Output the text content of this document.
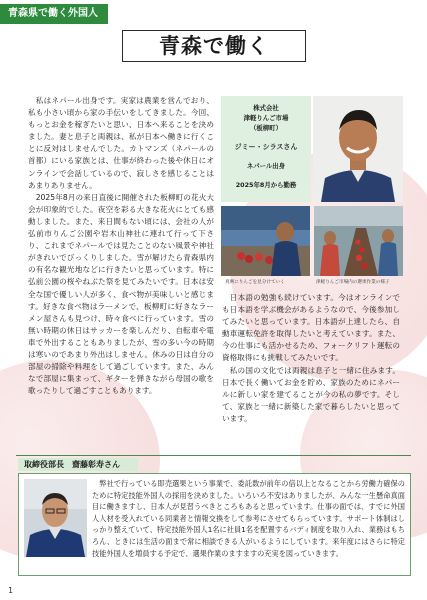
青森県で働く外国人
青森で働く
　私はネパール出身です。実家は農業を営んでおり、私も小さい頃から家の手伝いをしてきました。今回、もっとお金を稼ぎたいと思い、日本へ来ることを決めました。妻と息子と両親は、私が日本へ働きに行くことに反対はしませんでした。カトマンズ（ネパールの首都）にいる家族とは、仕事が終わった後や休日にオンラインで会話しているので、寂しさを感じることはあまりありません。
　2025年8月の来日直後に開催された板柳町の花火大会が印象的でした。夜空を彩る大きな花火にとても感動しました。また、来日間もない頃には、会社の人が弘前市りんご公園や岩木山神社に連れて行って下さり、これまでネパールでは見たことのない風景や神社がきれいでびっくりしました。雪が解けたら青森県内の有名な観光地などに行きたいと思っています。特に弘前公園の桜やねぶた祭を見てみたいです。日本は安全な国で優しい人が多く、食べ物が美味しいと感じます。好きな食べ物はラーメンで、板柳町に好きなラーメン屋さんも見つけ、時々食べに行っています。雪の無い時期の休日はサッカーを楽しんだり、自転車や電車で外出することもありましたが、雪の多い今の時期は寒いのであまり外出はしません。休みの日は自分の部屋の掃除や料理をして過ごしています。また、みんなで部屋に集まって、ギターを弾きながら母国の歌を歌ったりして過ごすこともあります。
株式会社
津軽りんご市場
（板柳町）
ジミー・シラスさん
ネパール出身
2025年8月から勤務
真剣にりんごを見分けていく	津軽りんご市場内の選果作業の様子
　日本語の勉強も続けています。今はオンラインでも日本語を学ぶ機会があるようなので、今後参加してみたいと思っています。日本語が上達したら、自動車運転免許を取得したいと考えています。また、今の仕事にも活かせるため、フォークリフト運転の資格取得にも挑戦してみたいです。
　私の国の文化では両親は息子と一緒に住みます。日本で長く働いてお金を貯め、家族のためにネパールに新しい家を建てることが今の私の夢です。そして、家族と一緒に新築した家で暮らしたいと思っています。
取締役部長　齋藤彰寿さん
　弊社で行っている即売選果という事業で、委託数が前年の倍以上となることから労働力確保のために特定技能外国人の採用を決めました。いろいろ不安はありましたが、みんな一生懸命真面目に働きますし、日本人が見習うべきところもあると思っています。仕事の面では、すでに外国人人材を受入れている同業者と情報交換をして参考にさせてもらっています。サポート体制はしっかり整えていて、特定技能外国人1名に社員1名を配置するバディ制度を取り入れ、業務はもちろん、ときには生活の面まで常に相談できる人がいるようにしています。来年度にはさらに特定技能外国人を増員する予定で、選果作業のますますの充実を図っていきます。
1
